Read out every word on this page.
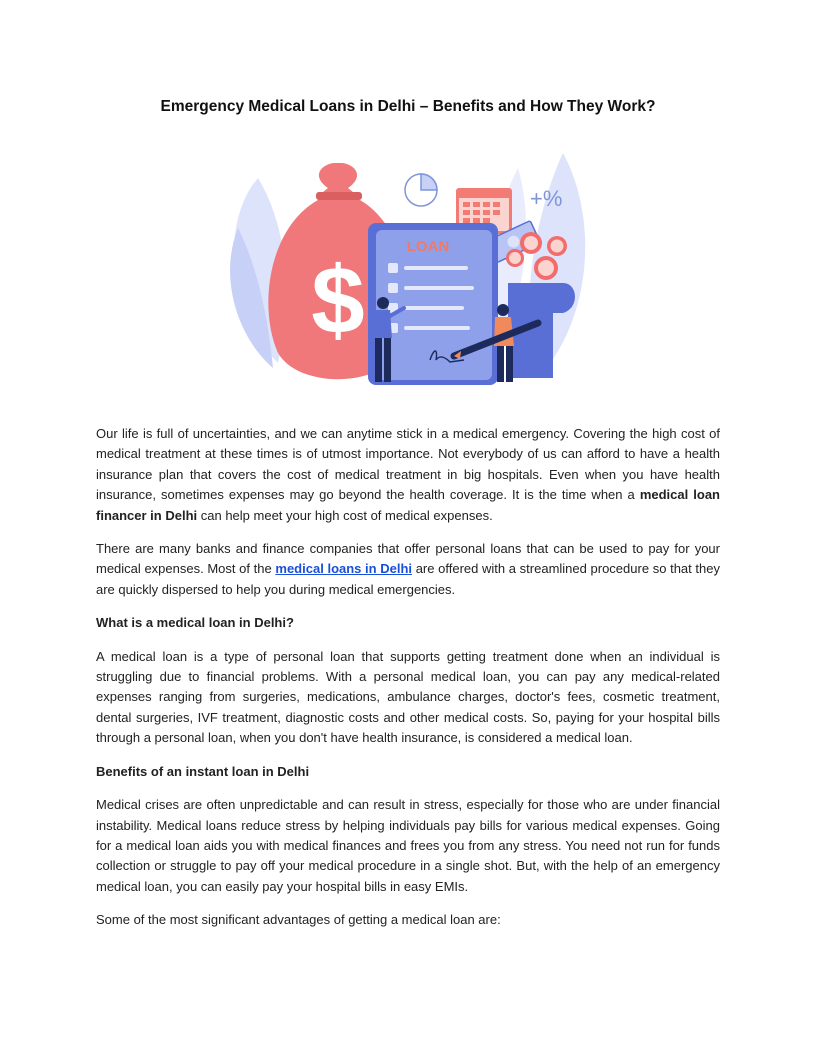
Emergency Medical Loans in Delhi – Benefits and How They Work?
$
+%
LOAN

Our life is full of uncertainties, and we can anytime stick in a medical emergency. Covering the high cost of medical treatment at these times is of utmost importance. Not everybody of us can afford to have a health insurance plan that covers the cost of medical treatment in big hospitals. Even when you have health insurance, sometimes expenses may go beyond the health coverage. It is the time when a medical loan financer in Delhi can help meet your high cost of medical expenses.

There are many banks and finance companies that offer personal loans that can be used to pay for your medical expenses. Most of the medical loans in Delhi are offered with a streamlined procedure so that they are quickly dispersed to help you during medical emergencies.

What is a medical loan in Delhi?

A medical loan is a type of personal loan that supports getting treatment done when an individual is struggling due to financial problems. With a personal medical loan, you can pay any medical-related expenses ranging from surgeries, medications, ambulance charges, doctor's fees, cosmetic treatment, dental surgeries, IVF treatment, diagnostic costs and other medical costs. So, paying for your hospital bills through a personal loan, when you don't have health insurance, is considered a medical loan.

Benefits of an instant loan in Delhi

Medical crises are often unpredictable and can result in stress, especially for those who are under financial instability. Medical loans reduce stress by helping individuals pay bills for various medical expenses. Going for a medical loan aids you with medical finances and frees you from any stress. You need not run for funds collection or struggle to pay off your medical procedure in a single shot. But, with the help of an emergency medical loan, you can easily pay your hospital bills in easy EMIs.

Some of the most significant advantages of getting a medical loan are:
